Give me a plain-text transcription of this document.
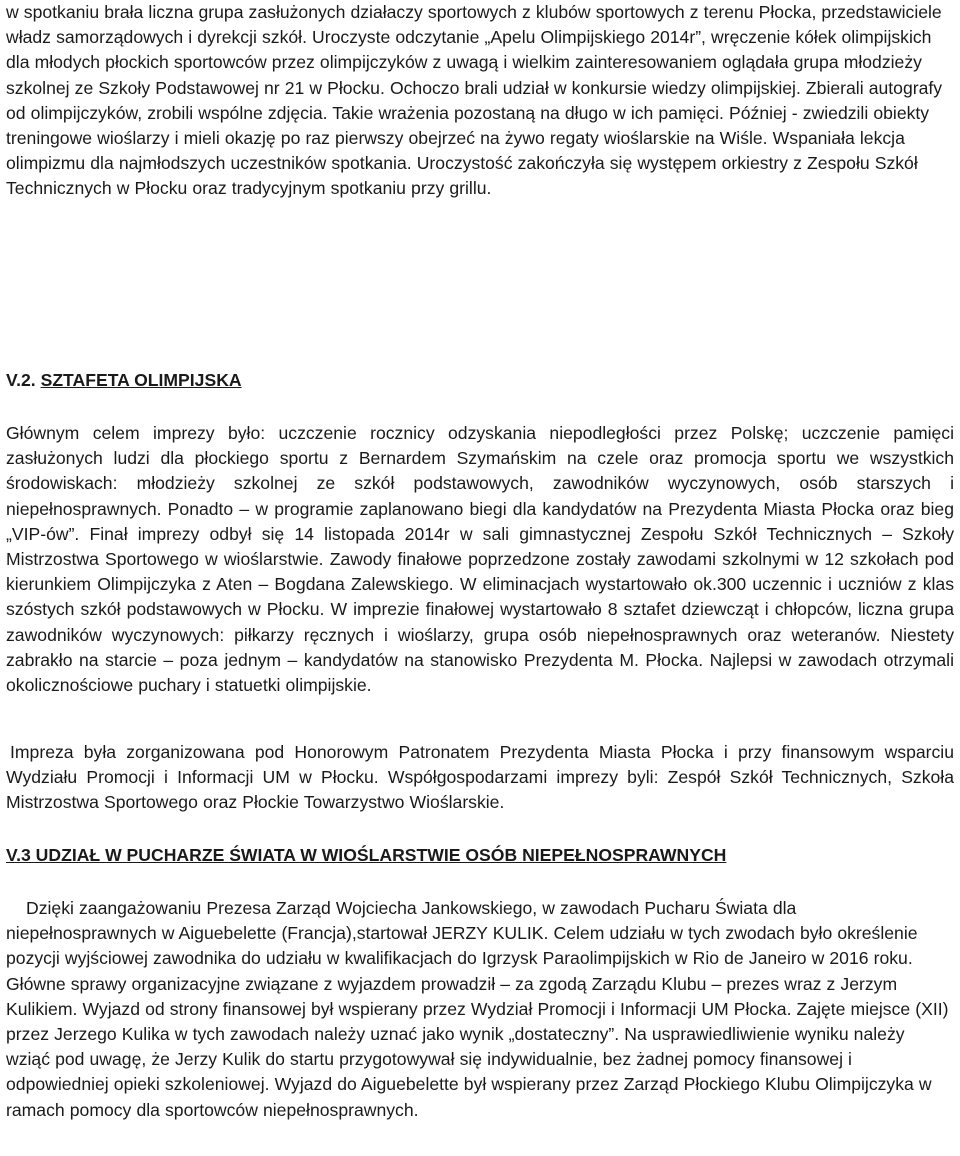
w spotkaniu brała liczna grupa zasłużonych działaczy sportowych z klubów sportowych z terenu Płocka, przedstawiciele władz samorządowych i dyrekcji szkół. Uroczyste odczytanie „Apelu Olimpijskiego 2014r”, wręczenie kółek olimpijskich dla młodych płockich sportowców przez olimpijczyków z uwagą i wielkim zainteresowaniem oglądała grupa młodzieży szkolnej ze Szkoły Podstawowej nr 21 w Płocku. Ochoczo brali udział w konkursie wiedzy olimpijskiej. Zbierali autografy od olimpijczyków, zrobili wspólne zdjęcia. Takie wrażenia pozostaną na długo w ich pamięci. Później - zwiedzili obiekty treningowe wioślarzy i mieli okazję po raz pierwszy obejrzeć na żywo regaty wioślarskie na Wiśle. Wspaniała lekcja olimpizmu dla najmłodszych uczestników spotkania. Uroczystość zakończyła się występem orkiestry z Zespołu Szkół Technicznych w Płocku oraz tradycyjnym spotkaniu przy grillu.

V.2. SZTAFETA OLIMPIJSKA

Głównym celem imprezy było: uczczenie rocznicy odzyskania niepodległości przez Polskę; uczczenie pamięci zasłużonych ludzi dla płockiego sportu z Bernardem Szymańskim na czele oraz promocja sportu we wszystkich środowiskach: młodzieży szkolnej ze szkół podstawowych, zawodników wyczynowych, osób starszych i niepełnosprawnych. Ponadto – w programie zaplanowano biegi dla kandydatów na Prezydenta Miasta Płocka oraz bieg „VIP-ów”. Finał imprezy odbył się 14 listopada 2014r w sali gimnastycznej Zespołu Szkół Technicznych – Szkoły Mistrzostwa Sportowego w wioślarstwie. Zawody finałowe poprzedzone zostały zawodami szkolnymi w 12 szkołach pod kierunkiem Olimpijczyka z Aten – Bogdana Zalewskiego. W eliminacjach wystartowało ok.300 uczennic i uczniów z klas szóstych szkół podstawowych w Płocku. W imprezie finałowej wystartowało 8 sztafet dziewcząt i chłopców, liczna grupa zawodników wyczynowych: piłkarzy ręcznych i wioślarzy, grupa osób niepełnosprawnych oraz weteranów. Niestety zabrakło na starcie – poza jednym – kandydatów na stanowisko Prezydenta M. Płocka. Najlepsi w zawodach otrzymali okolicznościowe puchary i statuetki olimpijskie.

Impreza była zorganizowana pod Honorowym Patronatem Prezydenta Miasta Płocka i przy finansowym wsparciu Wydziału Promocji i Informacji UM w Płocku. Współgospodarzami imprezy byli: Zespół Szkół Technicznych, Szkoła Mistrzostwa Sportowego oraz Płockie Towarzystwo Wioślarskie.

V.3 UDZIAŁ W PUCHARZE ŚWIATA W WIOŚLARSTWIE OSÓB NIEPEŁNOSPRAWNYCH

Dzięki zaangażowaniu Prezesa Zarząd Wojciecha Jankowskiego, w zawodach Pucharu Świata dla niepełnosprawnych w Aiguebelette (Francja),startował JERZY KULIK. Celem udziału w tych zwodach było określenie pozycji wyjściowej zawodnika do udziału w kwalifikacjach do Igrzysk Paraolimpijskich w Rio de Janeiro w 2016 roku. Główne sprawy organizacyjne związane z wyjazdem prowadził – za zgodą Zarządu Klubu – prezes wraz z Jerzym Kulikiem. Wyjazd od strony finansowej był wspierany przez Wydział Promocji i Informacji UM Płocka. Zajęte miejsce (XII) przez Jerzego Kulika w tych zawodach należy uznać jako wynik „dostateczny”. Na usprawiedliwienie wyniku należy wziąć pod uwagę, że Jerzy Kulik do startu przygotowywał się indywidualnie, bez żadnej pomocy finansowej i odpowiedniej opieki szkoleniowej. Wyjazd do Aiguebelette był wspierany przez Zarząd Płockiego Klubu Olimpijczyka w ramach pomocy dla sportowców niepełnosprawnych.
